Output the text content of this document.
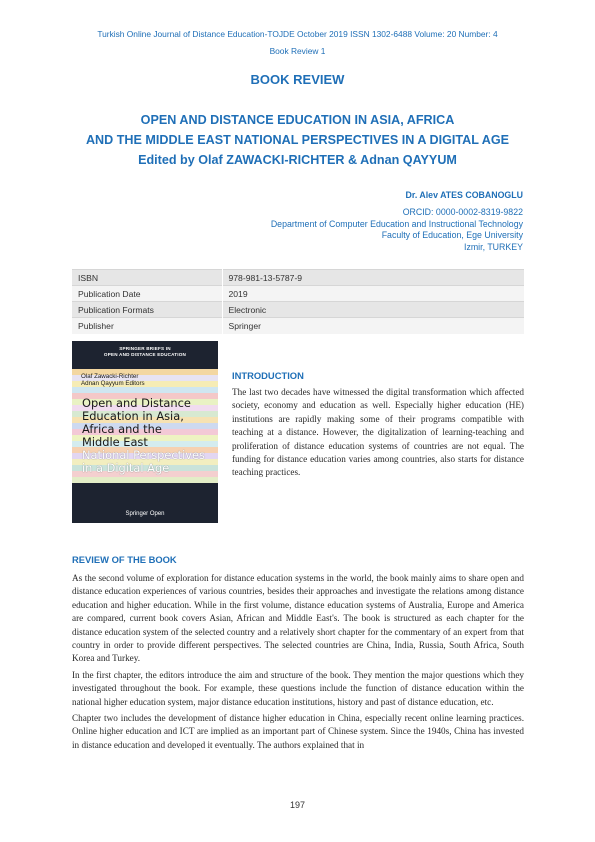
Turkish Online Journal of Distance Education-TOJDE October 2019 ISSN 1302-6488 Volume: 20 Number: 4
Book Review 1
BOOK REVIEW
OPEN AND DISTANCE EDUCATION IN ASIA, AFRICA
AND THE MIDDLE EAST NATIONAL PERSPECTIVES IN A DIGITAL AGE
Edited by Olaf ZAWACKI-RICHTER & Adnan QAYYUM
Dr. Alev ATES COBANOGLU
ORCID: 0000-0002-8319-9822
Department of Computer Education and Instructional Technology
Faculty of Education, Ege University
Izmir, TURKEY
ISBN	978-981-13-5787-9
Publication Date	2019
Publication Formats	Electronic
Publisher	Springer
SPRINGER BRIEFS IN
OPEN AND DISTANCE EDUCATION
Olaf Zawacki-Richter
Adnan Qayyum Editors
Open and Distance
Education in Asia,
Africa and the
Middle East
National Perspectives
in a Digital Age
Springer Open
INTRODUCTION
The last two decades have witnessed the digital transformation which affected society, economy and education as well. Especially higher education (HE) institutions are rapidly making some of their programs compatible with teaching at a distance. However, the digitalization of learning-teaching and proliferation of distance education systems of countries are not equal. The funding for distance education varies among countries, also starts for distance teaching practices.
REVIEW OF THE BOOK

As the second volume of exploration for distance education systems in the world, the book mainly aims to share open and distance education experiences of various countries, besides their approaches and investigate the relations among distance education and higher education. While in the first volume, distance education systems of Australia, Europe and America are compared, current book covers Asian, African and Middle East's. The book is structured as each chapter for the distance education system of the selected country and a relatively short chapter for the commentary of an expert from that country in order to provide different perspectives. The selected countries are China, India, Russia, South Africa, South Korea and Turkey.

In the first chapter, the editors introduce the aim and structure of the book. They mention the major questions which they investigated throughout the book. For example, these questions include the function of distance education within the national higher education system, major distance education institutions, history and past of distance education, etc.

Chapter two includes the development of distance higher education in China, especially recent online learning practices. Online higher education and ICT are implied as an important part of Chinese system. Since the 1940s, China has invested in distance education and developed it eventually. The authors explained that in

197
